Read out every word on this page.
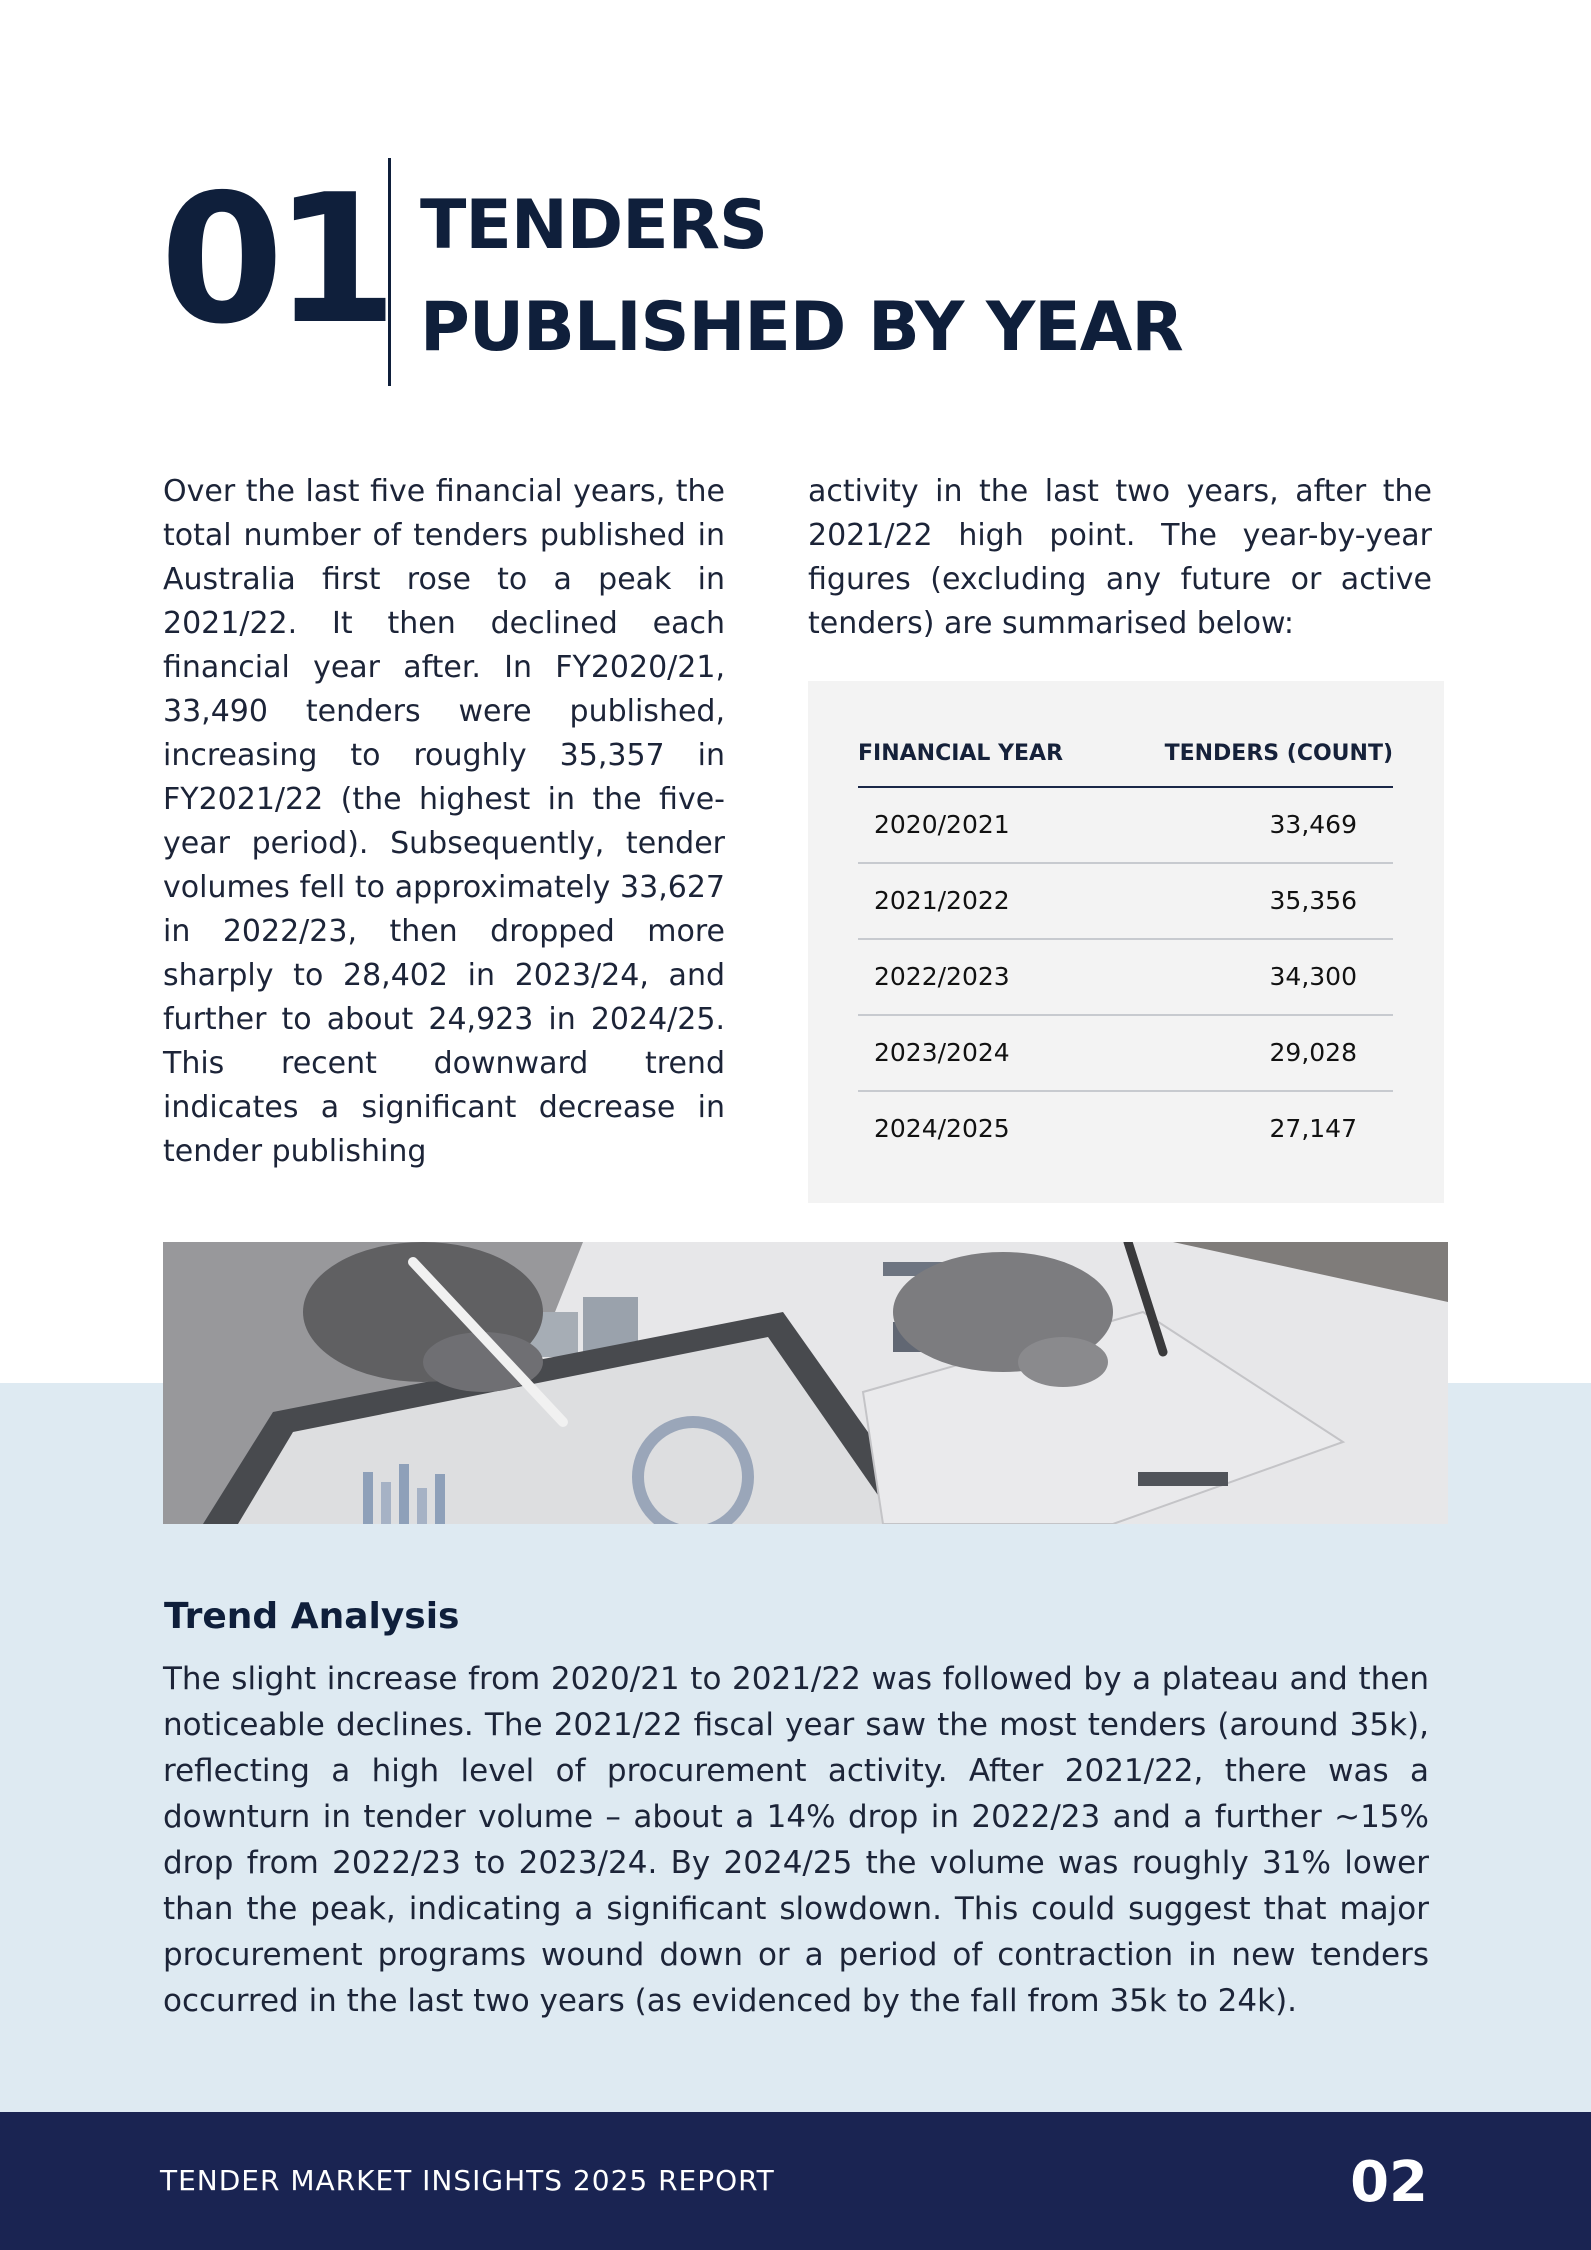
01 TENDERS
PUBLISHED BY YEAR
Over the last five financial years, the total number of tenders published in Australia first rose to a peak in 2021/22. It then declined each financial year after. In FY2020/21, 33,490 tenders were published, increasing to roughly 35,357 in FY2021/22 (the highest in the five-year period). Subsequently, tender volumes fell to approximately 33,627 in 2022/23, then dropped more sharply to 28,402 in 2023/24, and further to about 24,923 in 2024/25. This recent downward trend indicates a significant decrease in tender publishing
activity in the last two years, after the 2021/22 high point. The year-by-year figures (excluding any future or active tenders) are summarised below:
FINANCIAL YEAR	TENDERS (COUNT)
2020/2021	33,469
2021/2022	35,356
2022/2023	34,300
2023/2024	29,028
2024/2025	27,147
Trend Analysis
The slight increase from 2020/21 to 2021/22 was followed by a plateau and then noticeable declines. The 2021/22 fiscal year saw the most tenders (around 35k), reflecting a high level of procurement activity. After 2021/22, there was a downturn in tender volume – about a 14% drop in 2022/23 and a further ~15% drop from 2022/23 to 2023/24. By 2024/25 the volume was roughly 31% lower than the peak, indicating a significant slowdown. This could suggest that major procurement programs wound down or a period of contraction in new tenders occurred in the last two years (as evidenced by the fall from 35k to 24k).
TENDER MARKET INSIGHTS 2025 REPORT	02
